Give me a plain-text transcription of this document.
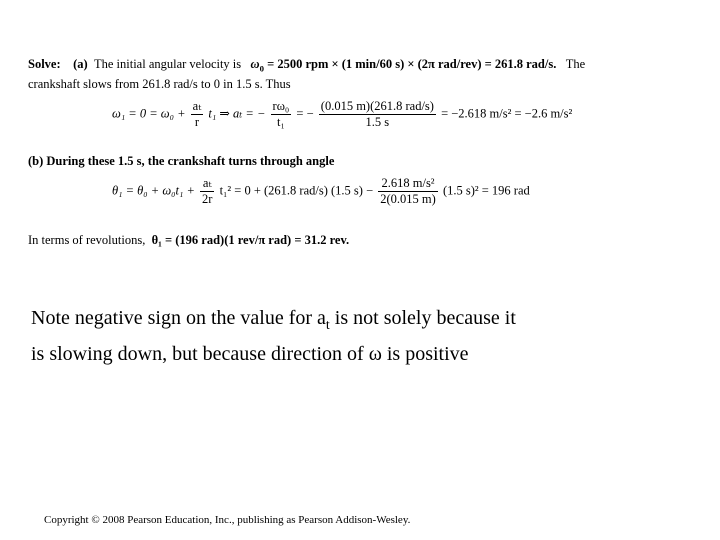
Solve: (a) The initial angular velocity is $\omega_0 = 2500$ rpm × (1 min/60 s) × (2π rad/rev) = 261.8 rad/s. The
crankshaft slows from 261.8 rad/s to 0 in 1.5 s. Thus
$\omega_1 = 0 = \omega_0 + \frac{\text{aₜ}}{r} t_1$ ⇒ aₜ = − $\frac{\text{rω₀}}{\text{t₁}}$ = − $\frac{\text{(0.015 m)(261.8 rad/s)}}{1.5 s} = -2.618$ m/s² = −2.6 m/s²
(b) During these 1.5 s, the crankshaft turns through angle
$\theta_1 = \theta_0 + \omega_0t_1 + \frac{\text{aₜ}}{2r} t_1^2 = 0 + (261.8$ rad/s) (1.5 $s) - \frac{\text{2.618 m/s²}}{2(0.015 m)} (1.5$ s)² = 196 rad
In terms of revolutions, θ₁ = (196 rad)(1 rev/π rad) = 31.2 rev.

Note negative sign on the value for $a_t$ is not solely because it

is slowing down, but because direction of ω is positive

Copyright © 2008 Pearson Education, Inc., publishing as Pearson Addison-Wesley.
